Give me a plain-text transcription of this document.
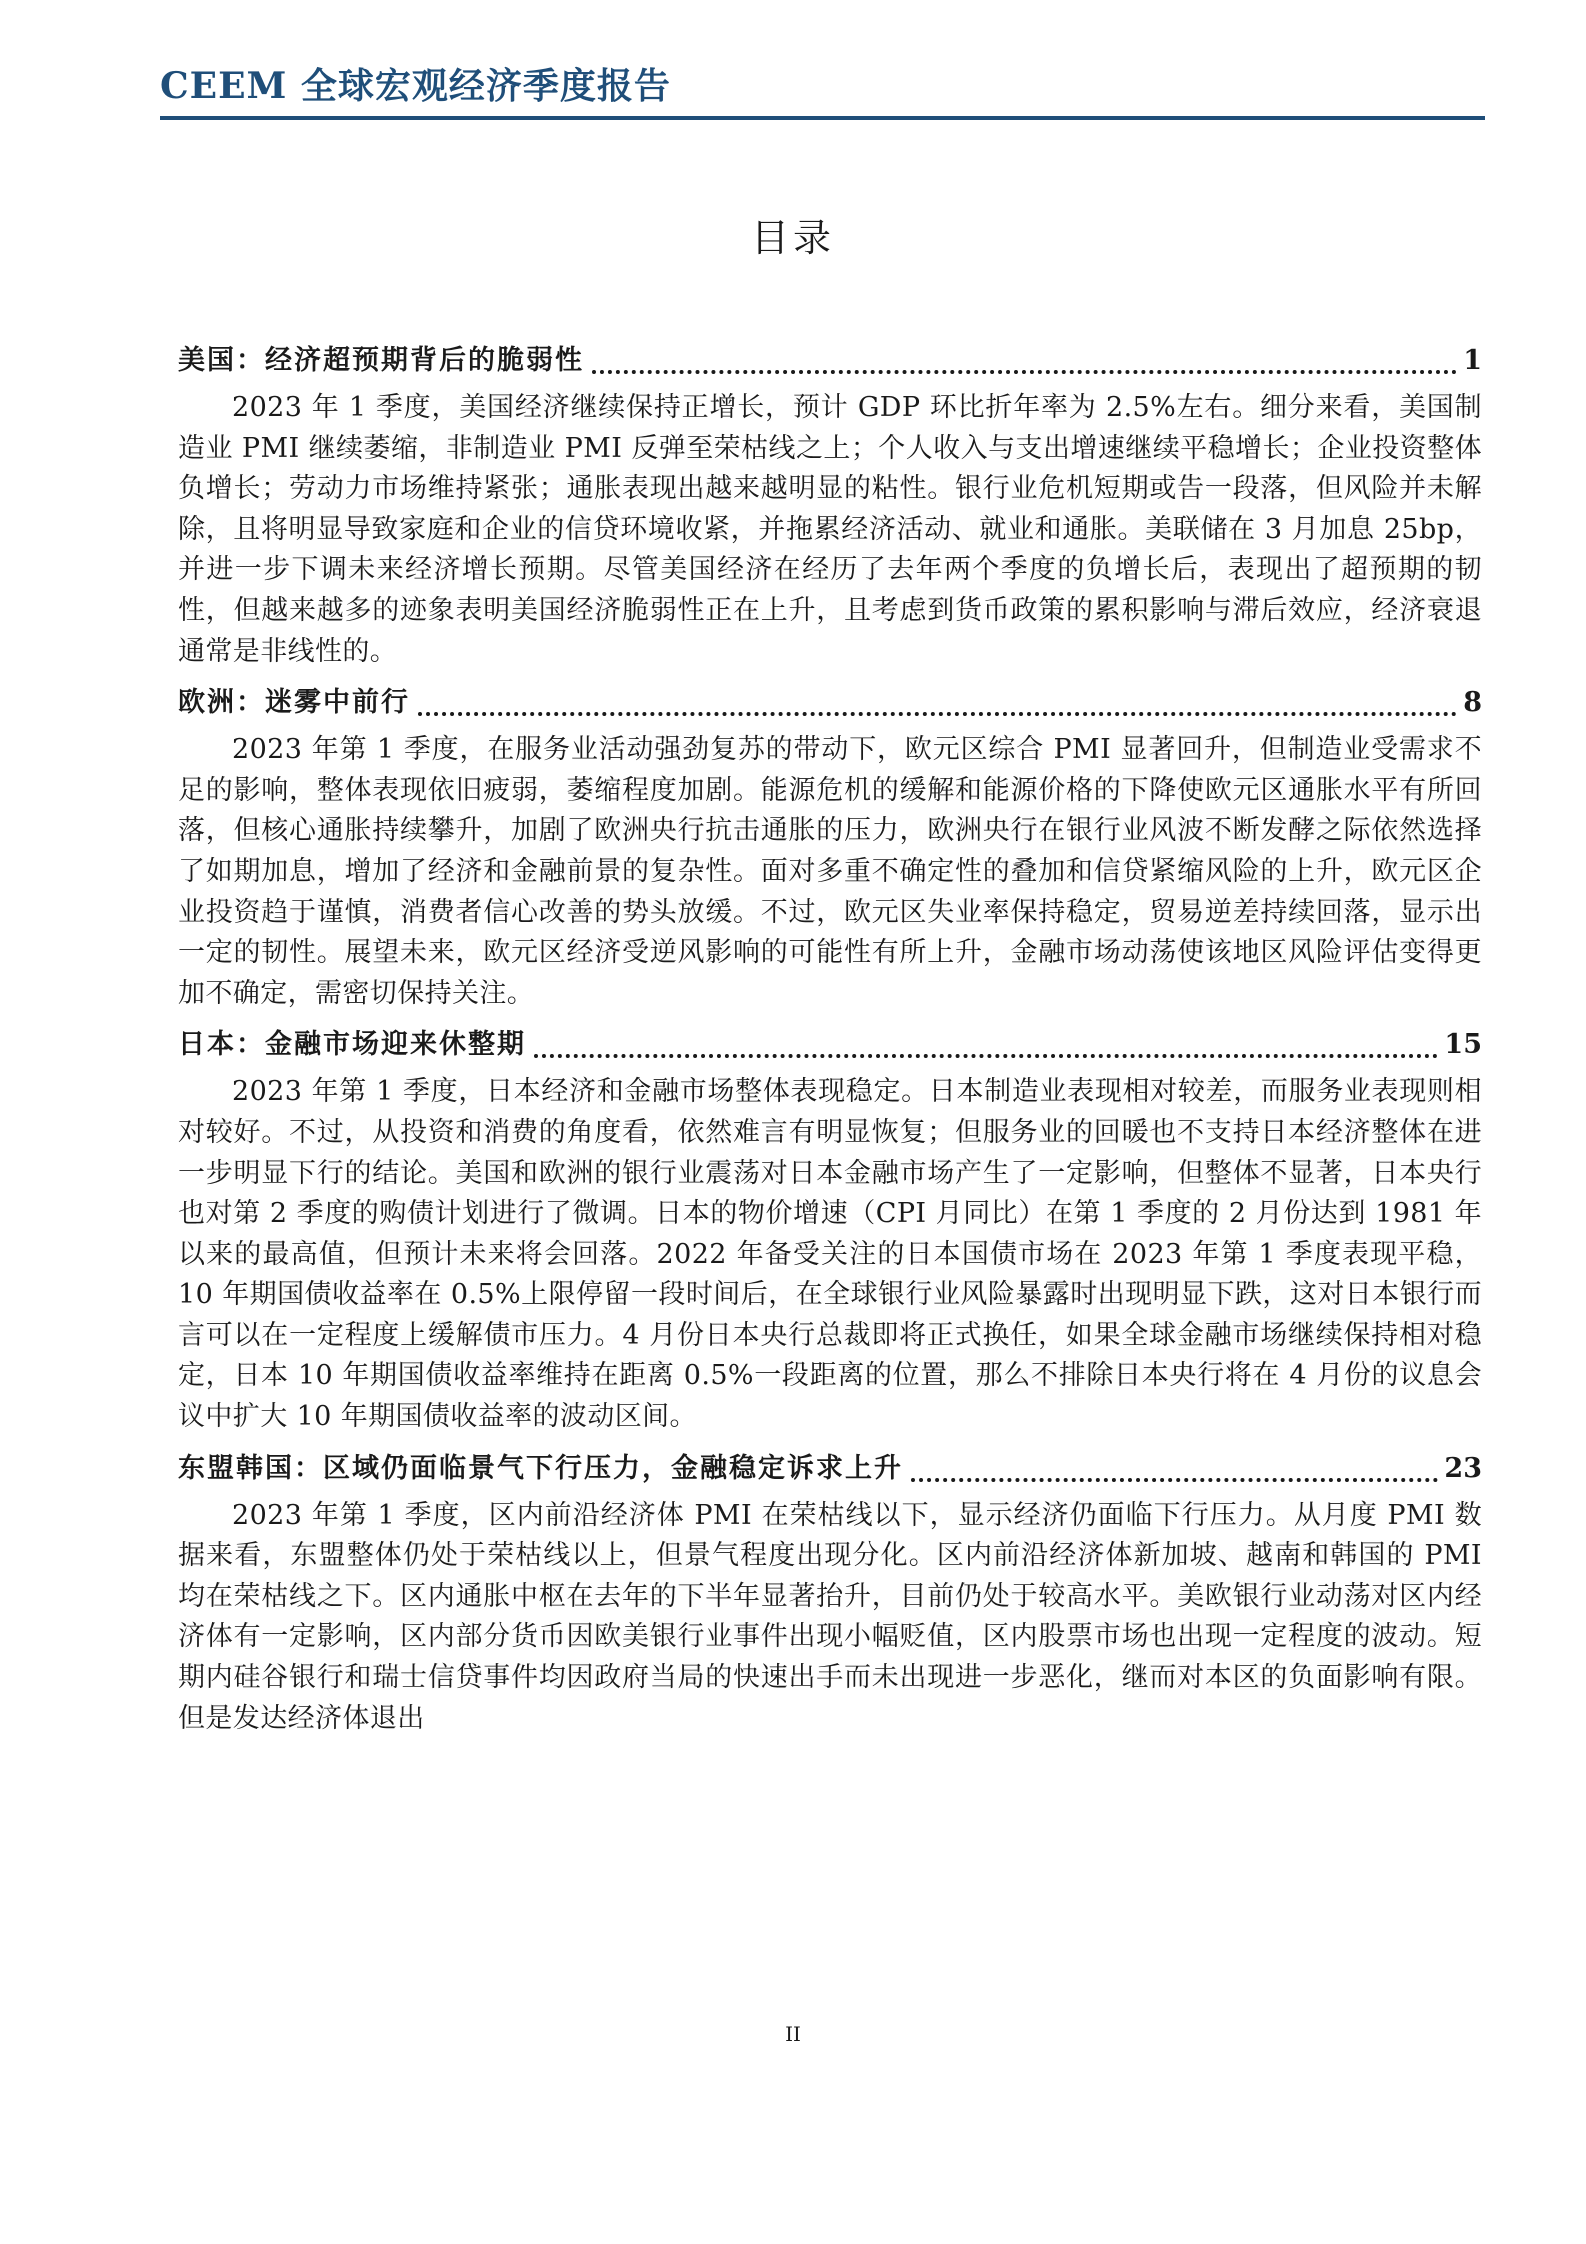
CEEM 全球宏观经济季度报告
目录
美国：经济超预期背后的脆弱性	1

2023 年 1 季度，美国经济继续保持正增长，预计 GDP 环比折年率为 2.5%左右。细分来看，美国制造业 PMI 继续萎缩，非制造业 PMI 反弹至荣枯线之上；个人收入与支出增速继续平稳增长；企业投资整体负增长；劳动力市场维持紧张；通胀表现出越来越明显的粘性。银行业危机短期或告一段落，但风险并未解除，且将明显导致家庭和企业的信贷环境收紧，并拖累经济活动、就业和通胀。美联储在 3 月加息 25bp，并进一步下调未来经济增长预期。尽管美国经济在经历了去年两个季度的负增长后，表现出了超预期的韧性，但越来越多的迹象表明美国经济脆弱性正在上升，且考虑到货币政策的累积影响与滞后效应，经济衰退通常是非线性的。

欧洲：迷雾中前行	8

2023 年第 1 季度，在服务业活动强劲复苏的带动下，欧元区综合 PMI 显著回升，但制造业受需求不足的影响，整体表现依旧疲弱，萎缩程度加剧。能源危机的缓解和能源价格的下降使欧元区通胀水平有所回落，但核心通胀持续攀升，加剧了欧洲央行抗击通胀的压力，欧洲央行在银行业风波不断发酵之际依然选择了如期加息，增加了经济和金融前景的复杂性。面对多重不确定性的叠加和信贷紧缩风险的上升，欧元区企业投资趋于谨慎，消费者信心改善的势头放缓。不过，欧元区失业率保持稳定，贸易逆差持续回落，显示出一定的韧性。展望未来，欧元区经济受逆风影响的可能性有所上升，金融市场动荡使该地区风险评估变得更加不确定，需密切保持关注。

日本：金融市场迎来休整期	15

2023 年第 1 季度，日本经济和金融市场整体表现稳定。日本制造业表现相对较差，而服务业表现则相对较好。不过，从投资和消费的角度看，依然难言有明显恢复；但服务业的回暖也不支持日本经济整体在进一步明显下行的结论。美国和欧洲的银行业震荡对日本金融市场产生了一定影响，但整体不显著，日本央行也对第 2 季度的购债计划进行了微调。日本的物价增速（CPI 月同比）在第 1 季度的 2 月份达到 1981 年以来的最高值，但预计未来将会回落。2022 年备受关注的日本国债市场在 2023 年第 1 季度表现平稳，10 年期国债收益率在 0.5%上限停留一段时间后，在全球银行业风险暴露时出现明显下跌，这对日本银行而言可以在一定程度上缓解债市压力。4 月份日本央行总裁即将正式换任，如果全球金融市场继续保持相对稳定，日本 10 年期国债收益率维持在距离 0.5%一段距离的位置，那么不排除日本央行将在 4 月份的议息会议中扩大 10 年期国债收益率的波动区间。

东盟韩国：区域仍面临景气下行压力，金融稳定诉求上升	23

2023 年第 1 季度，区内前沿经济体 PMI 在荣枯线以下，显示经济仍面临下行压力。从月度 PMI 数据来看，东盟整体仍处于荣枯线以上，但景气程度出现分化。区内前沿经济体新加坡、越南和韩国的 PMI 均在荣枯线之下。区内通胀中枢在去年的下半年显著抬升，目前仍处于较高水平。美欧银行业动荡对区内经济体有一定影响，区内部分货币因欧美银行业事件出现小幅贬值，区内股票市场也出现一定程度的波动。短期内硅谷银行和瑞士信贷事件均因政府当局的快速出手而未出现进一步恶化，继而对本区的负面影响有限。但是发达经济体退出

II
